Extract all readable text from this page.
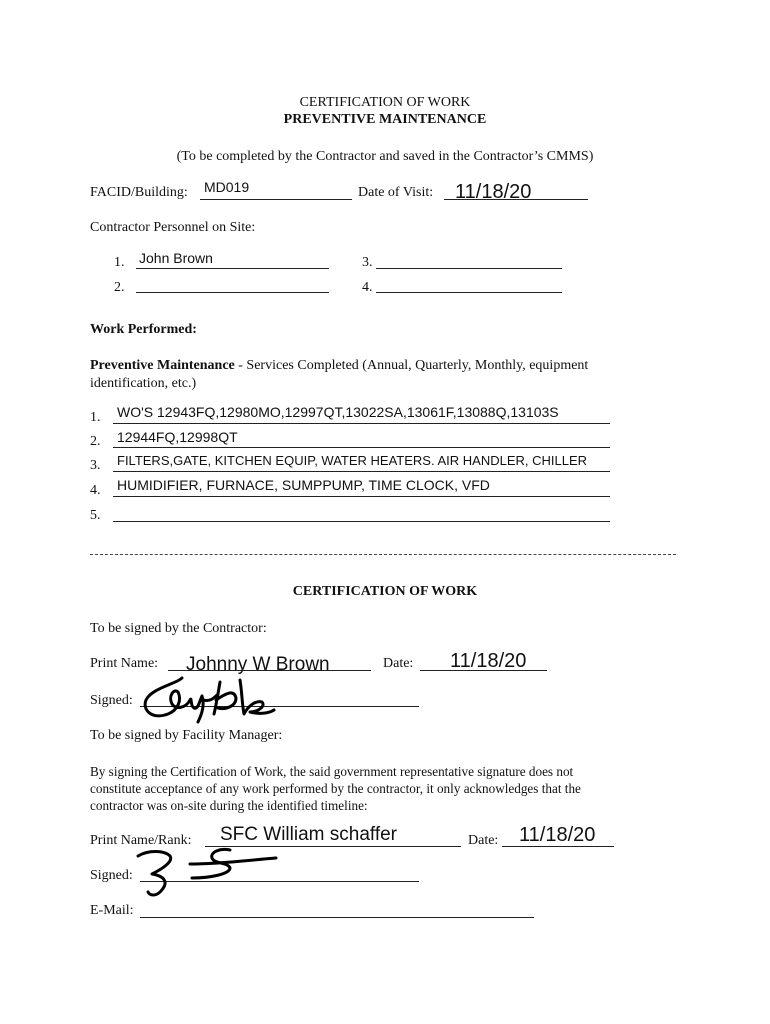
CERTIFICATION OF WORK
PREVENTIVE MAINTENANCE
(To be completed by the Contractor and saved in the Contractor’s CMMS)
FACID/Building: MD019	Date of Visit: 11/18/20
Contractor Personnel on Site:
1. John Brown	3.
2.	4.
Work Performed:
Preventive Maintenance - Services Completed (Annual, Quarterly, Monthly, equipment
identification, etc.)
1. WO'S 12943FQ,12980MO,12997QT,13022SA,13061F,13088Q,13103S
2. 12944FQ,12998QT
3. FILTERS,GATE, KITCHEN EQUIP, WATER HEATERS. AIR HANDLER, CHILLER
4. HUMIDIFIER, FURNACE, SUMPPUMP, TIME CLOCK, VFD
5.
CERTIFICATION OF WORK
To be signed by the Contractor:
Print Name: Johnny W Brown	Date: 11/18/20
Signed:
To be signed by Facility Manager:
By signing the Certification of Work, the said government representative signature does not
constitute acceptance of any work performed by the contractor, it only acknowledges that the
contractor was on-site during the identified timeline:
Print Name/Rank: SFC William schaffer	Date: 11/18/20
Signed:
E-Mail:
